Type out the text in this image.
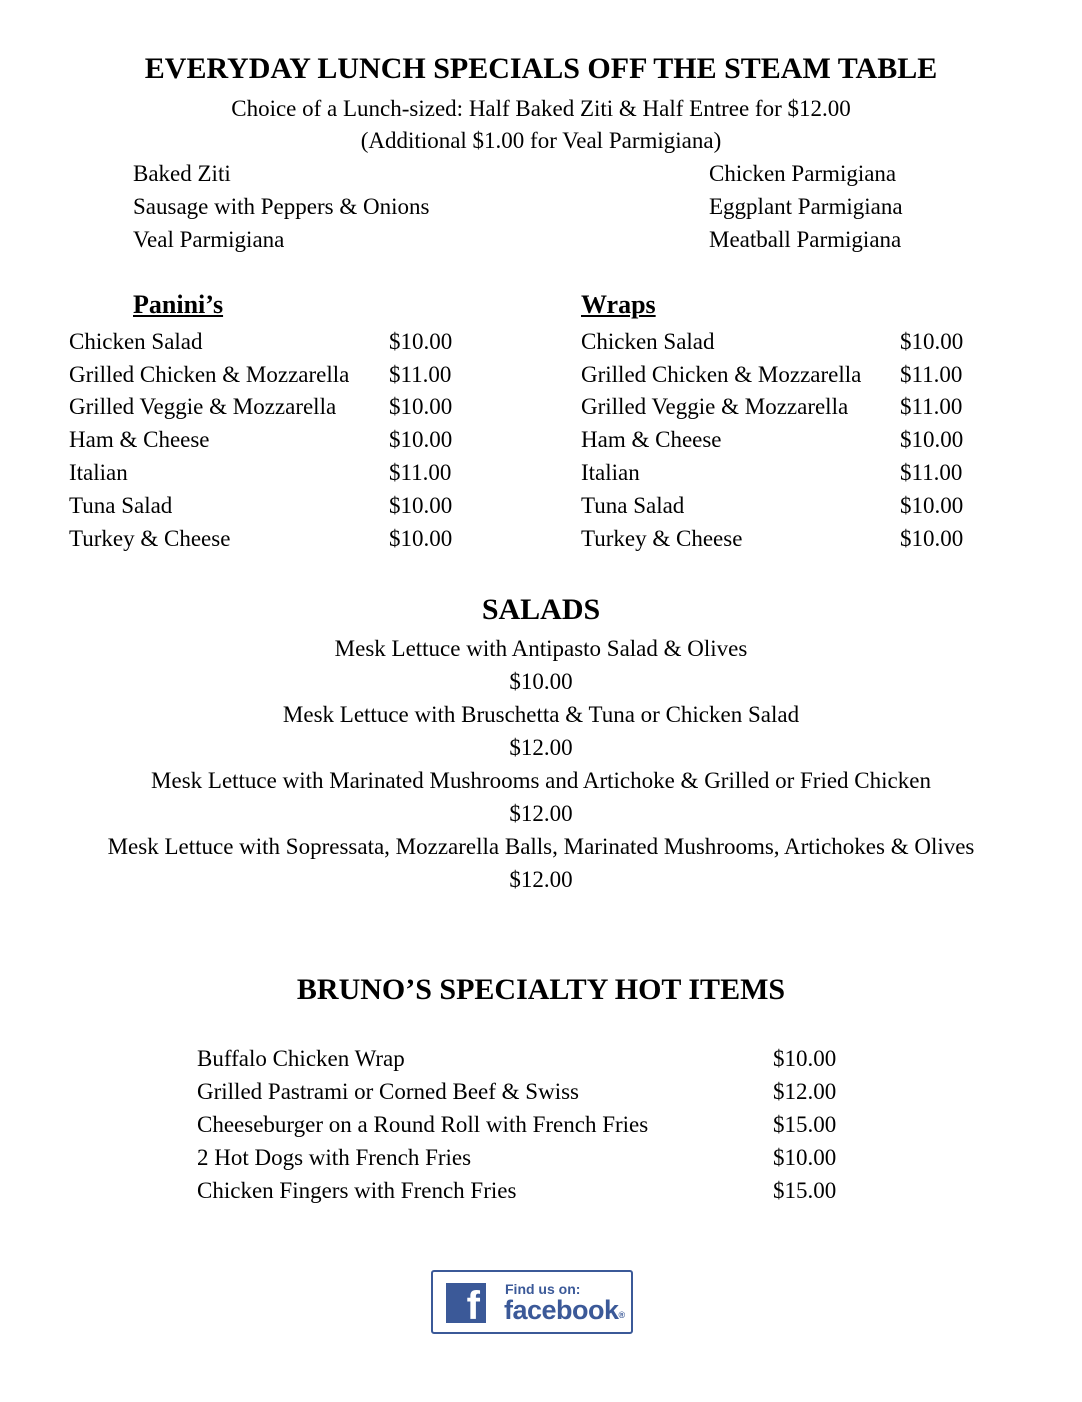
EVERYDAY LUNCH SPECIALS OFF THE STEAM TABLE
Choice of a Lunch-sized: Half Baked Ziti & Half Entree for $12.00
(Additional $1.00 for Veal Parmigiana)
Baked Ziti
Sausage with Peppers & Onions
Veal Parmigiana
Chicken Parmigiana
Eggplant Parmigiana
Meatball Parmigiana
Panini’s
Chicken Salad	$10.00
Grilled Chicken & Mozzarella $11.00
Grilled Veggie & Mozzarella $10.00
Ham & Cheese	$10.00
Italian	$11.00
Tuna Salad	$10.00
Turkey & Cheese	$10.00
Wraps
Chicken Salad	$10.00
Grilled Chicken & Mozzarella $11.00
Grilled Veggie & Mozzarella $11.00
Ham & Cheese	$10.00
Italian	$11.00
Tuna Salad	$10.00
Turkey & Cheese	$10.00
SALADS
Mesk Lettuce with Antipasto Salad & Olives
$10.00
Mesk Lettuce with Bruschetta & Tuna or Chicken Salad
$12.00
Mesk Lettuce with Marinated Mushrooms and Artichoke & Grilled or Fried Chicken
$12.00
Mesk Lettuce with Sopressata, Mozzarella Balls, Marinated Mushrooms, Artichokes & Olives
$12.00
BRUNO’S SPECIALTY HOT ITEMS
Buffalo Chicken Wrap	$10.00
Grilled Pastrami or Corned Beef & Swiss	$12.00
Cheeseburger on a Round Roll with French Fries	$15.00
2 Hot Dogs with French Fries	$10.00
Chicken Fingers with French Fries	$15.00
f	Find us on:
facebook®
